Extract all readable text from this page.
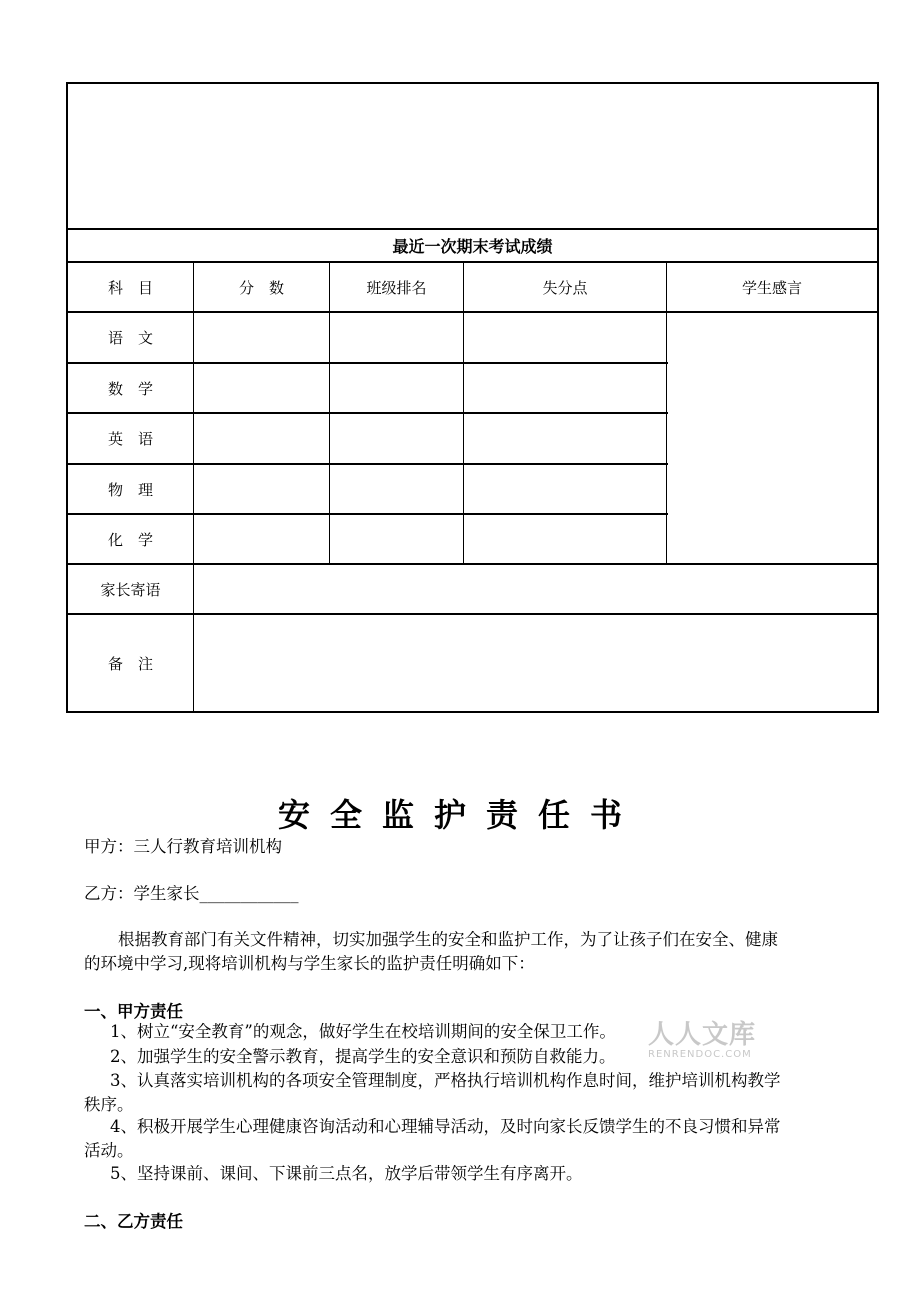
最近一次期末考试成绩
科　目	分　数	班级排名	失分点	学生感言
语　文
数　学
英　语
物　理
化　学
家长寄语
备　注
安全监护责任书
甲方：三人行教育培训机构
乙方：学生家长____________
根据教育部门有关文件精神，切实加强学生的安全和监护工作，为了让孩子们在安全、健康
的环境中学习,现将培训机构与学生家长的监护责任明确如下：
一、甲方责任
1、树立“安全教育”的观念，做好学生在校培训期间的安全保卫工作。
2、加强学生的安全警示教育，提高学生的安全意识和预防自救能力。
3、认真落实培训机构的各项安全管理制度，严格执行培训机构作息时间，维护培训机构教学
秩序。
4、积极开展学生心理健康咨询活动和心理辅导活动，及时向家长反馈学生的不良习惯和异常
活动。
5、坚持课前、课间、下课前三点名，放学后带领学生有序离开。
二、乙方责任
人人文库
RENRENDOC.COM
